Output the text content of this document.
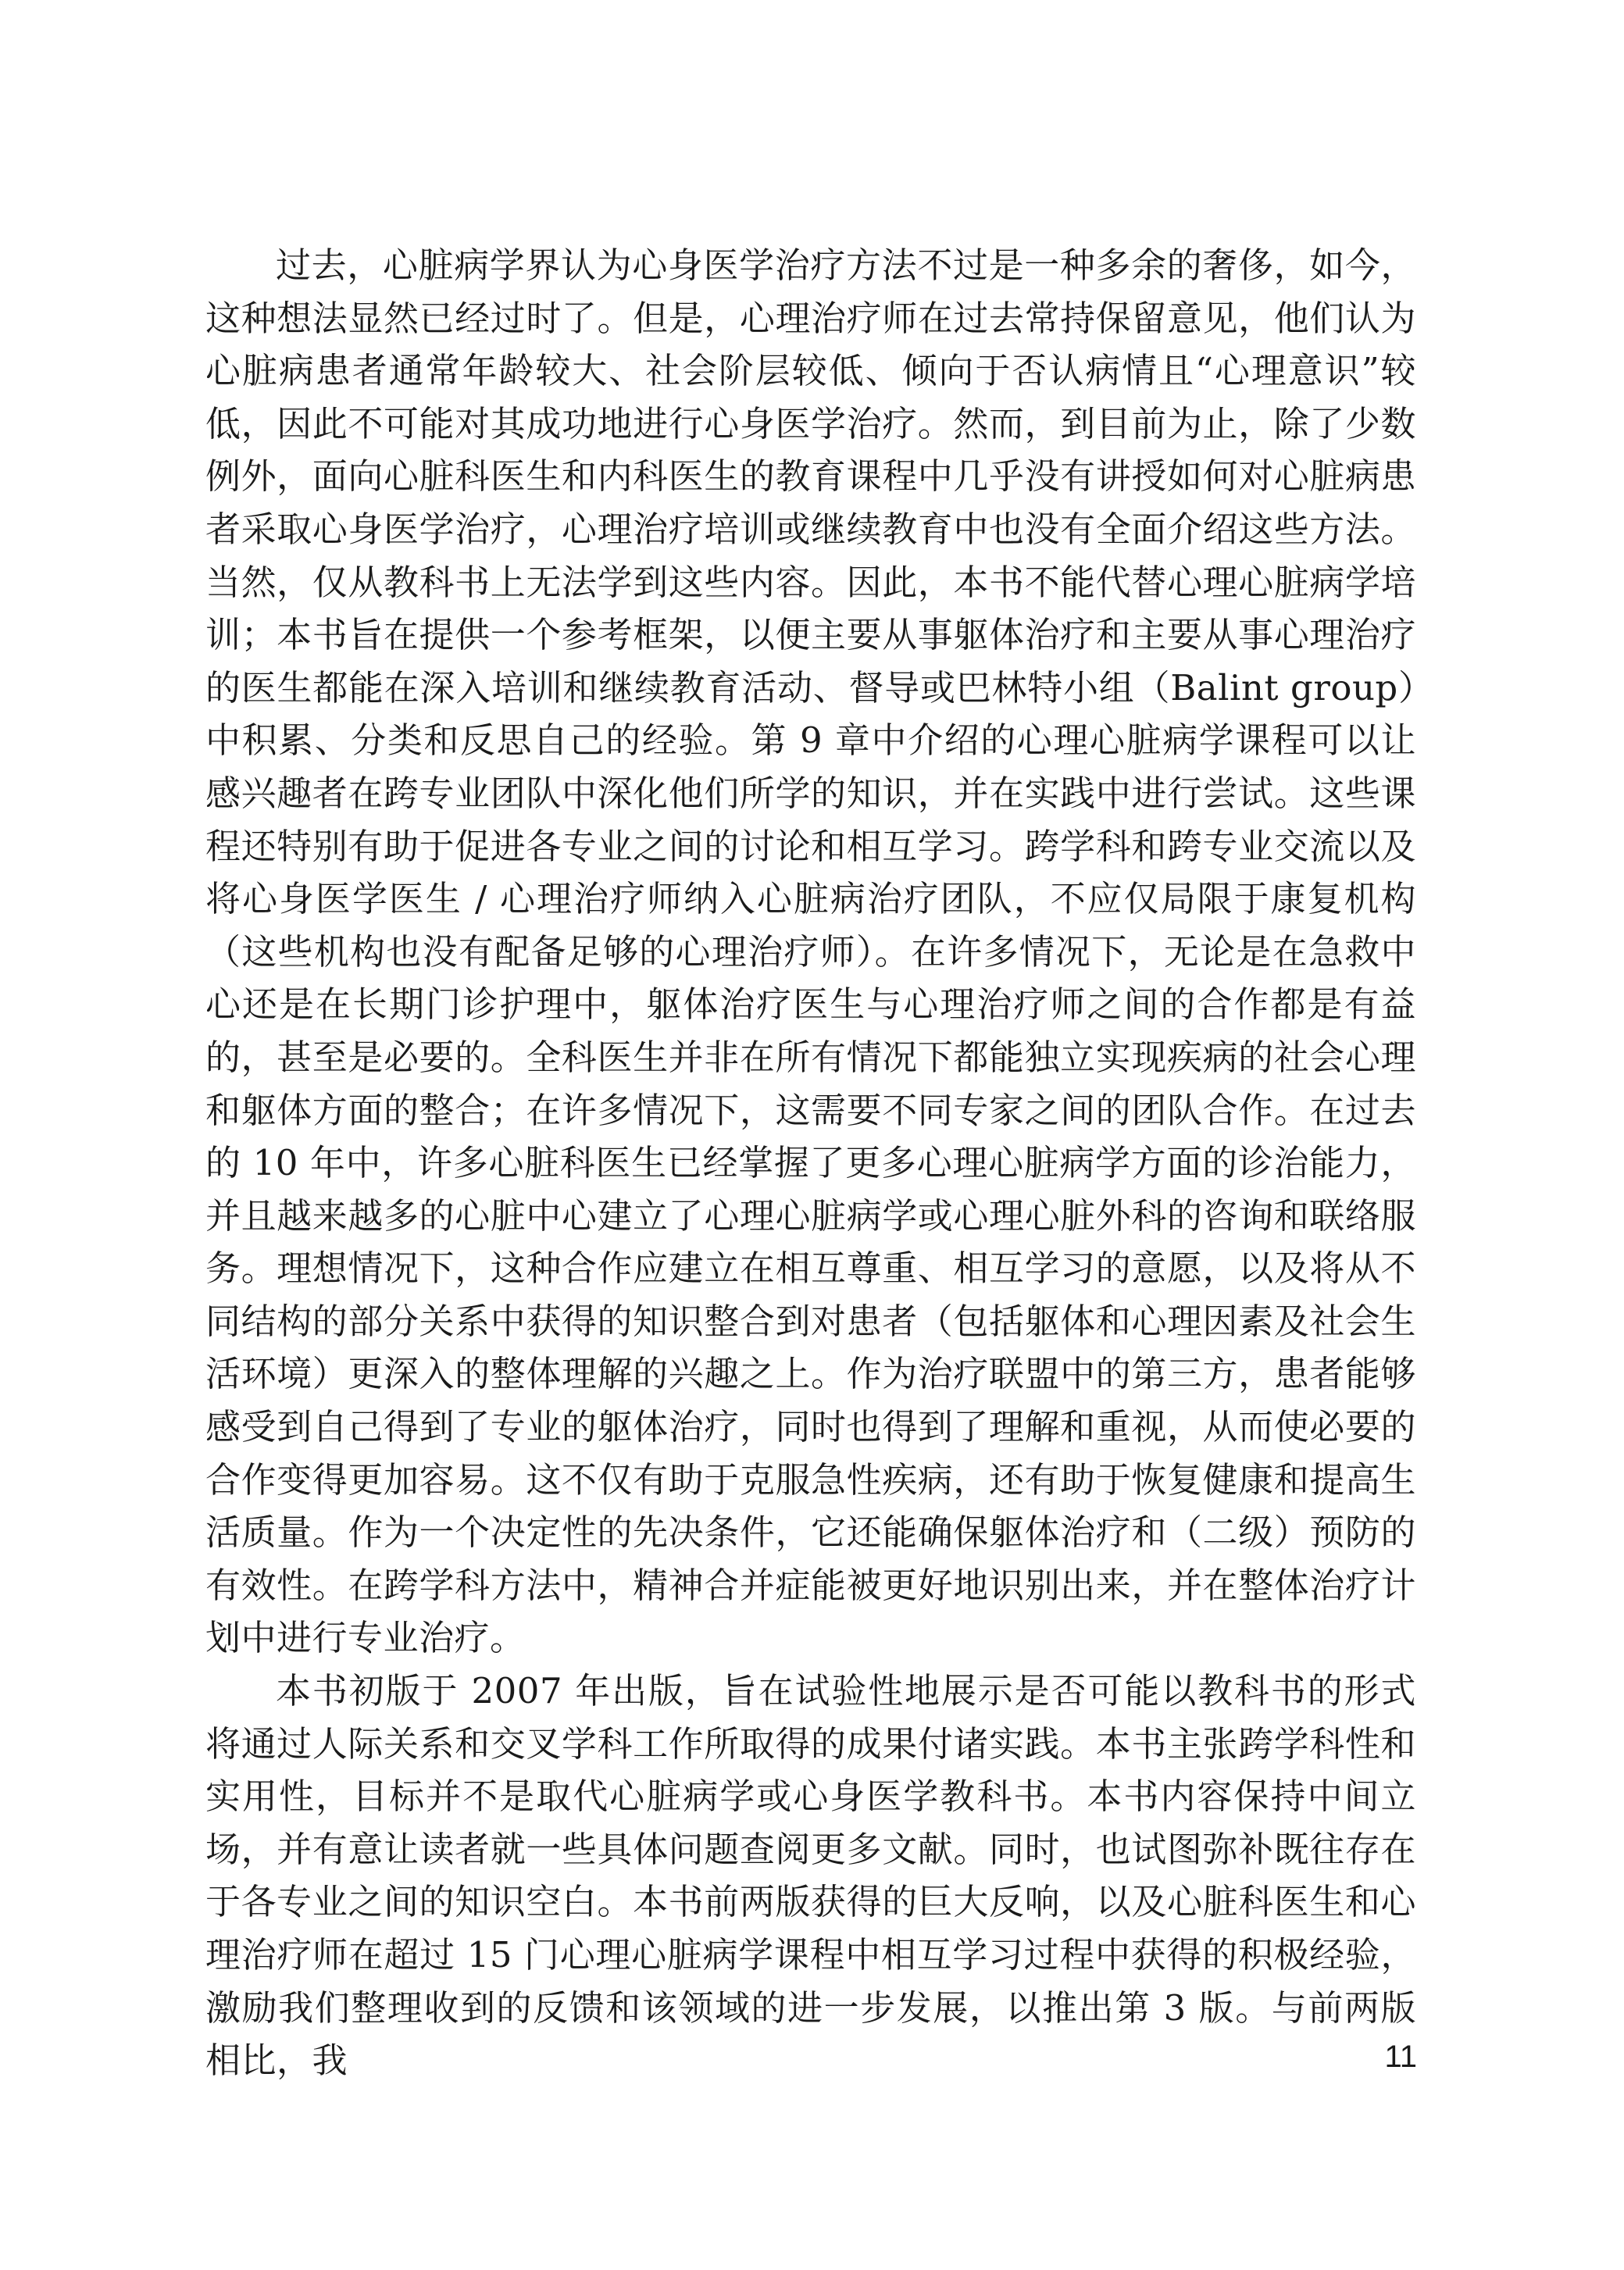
过去，心脏病学界认为心身医学治疗方法不过是一种多余的奢侈，如今，这种想法显然已经过时了。但是，心理治疗师在过去常持保留意见，他们认为心脏病患者通常年龄较大、社会阶层较低、倾向于否认病情且“心理意识”较低，因此不可能对其成功地进行心身医学治疗。然而，到目前为止，除了少数例外，面向心脏科医生和内科医生的教育课程中几乎没有讲授如何对心脏病患者采取心身医学治疗，心理治疗培训或继续教育中也没有全面介绍这些方法。当然，仅从教科书上无法学到这些内容。因此，本书不能代替心理心脏病学培训；本书旨在提供一个参考框架，以便主要从事躯体治疗和主要从事心理治疗的医生都能在深入培训和继续教育活动、督导或巴林特小组（Balint group）中积累、分类和反思自己的经验。第 9 章中介绍的心理心脏病学课程可以让感兴趣者在跨专业团队中深化他们所学的知识，并在实践中进行尝试。这些课程还特别有助于促进各专业之间的讨论和相互学习。跨学科和跨专业交流以及将心身医学医生 / 心理治疗师纳入心脏病治疗团队，不应仅局限于康复机构（这些机构也没有配备足够的心理治疗师）。在许多情况下，无论是在急救中心还是在长期门诊护理中，躯体治疗医生与心理治疗师之间的合作都是有益的，甚至是必要的。全科医生并非在所有情况下都能独立实现疾病的社会心理和躯体方面的整合；在许多情况下，这需要不同专家之间的团队合作。在过去的 10 年中，许多心脏科医生已经掌握了更多心理心脏病学方面的诊治能力，并且越来越多的心脏中心建立了心理心脏病学或心理心脏外科的咨询和联络服务。理想情况下，这种合作应建立在相互尊重、相互学习的意愿，以及将从不同结构的部分关系中获得的知识整合到对患者（包括躯体和心理因素及社会生活环境）更深入的整体理解的兴趣之上。作为治疗联盟中的第三方，患者能够感受到自己得到了专业的躯体治疗，同时也得到了理解和重视，从而使必要的合作变得更加容易。这不仅有助于克服急性疾病，还有助于恢复健康和提高生活质量。作为一个决定性的先决条件，它还能确保躯体治疗和（二级）预防的有效性。在跨学科方法中，精神合并症能被更好地识别出来，并在整体治疗计划中进行专业治疗。

本书初版于 2007 年出版，旨在试验性地展示是否可能以教科书的形式将通过人际关系和交叉学科工作所取得的成果付诸实践。本书主张跨学科性和实用性，目标并不是取代心脏病学或心身医学教科书。本书内容保持中间立场，并有意让读者就一些具体问题查阅更多文献。同时，也试图弥补既往存在于各专业之间的知识空白。本书前两版获得的巨大反响，以及心脏科医生和心理治疗师在超过 15 门心理心脏病学课程中相互学习过程中获得的积极经验，激励我们整理收到的反馈和该领域的进一步发展，以推出第 3 版。与前两版相比，我	11
